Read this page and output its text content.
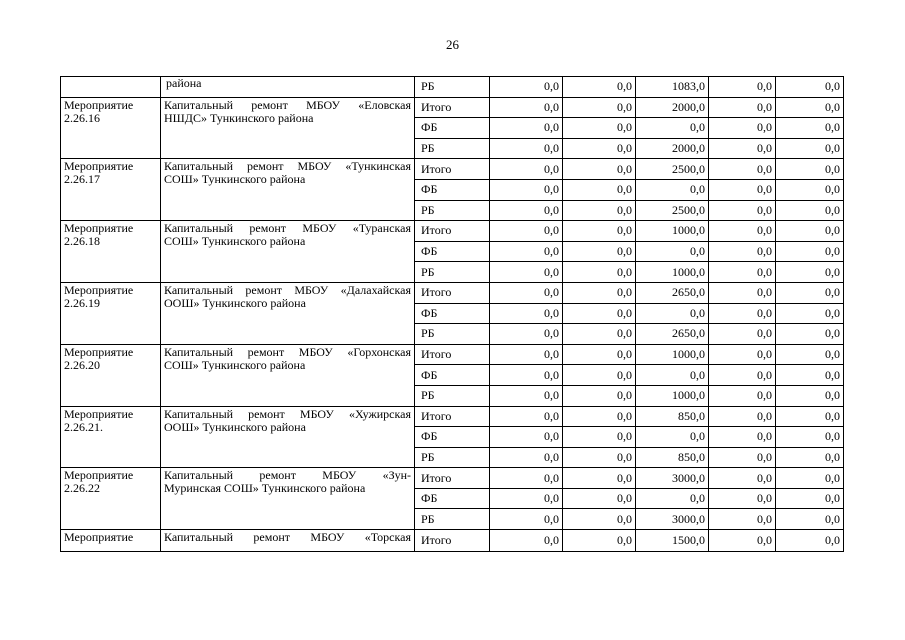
26
	района	РБ	0,0	0,0	1083,0	0,0	0,0
Мероприятие 2.26.16	Капитальный ремонт МБОУ «Еловская
НШДС» Тункинского района	Итого	0,0	0,0	2000,0	0,0	0,0
		ФБ	0,0	0,0	0,0	0,0	0,0
		РБ	0,0	0,0	2000,0	0,0	0,0
Мероприятие 2.26.17	Капитальный ремонт МБОУ «Тункинская
СОШ» Тункинского района	Итого	0,0	0,0	2500,0	0,0	0,0
		ФБ	0,0	0,0	0,0	0,0	0,0
		РБ	0,0	0,0	2500,0	0,0	0,0
Мероприятие 2.26.18	Капитальный ремонт МБОУ «Туранская
СОШ» Тункинского района	Итого	0,0	0,0	1000,0	0,0	0,0
		ФБ	0,0	0,0	0,0	0,0	0,0
		РБ	0,0	0,0	1000,0	0,0	0,0
Мероприятие 2.26.19	Капитальный ремонт МБОУ «Далахайская
ООШ» Тункинского района	Итого	0,0	0,0	2650,0	0,0	0,0
		ФБ	0,0	0,0	0,0	0,0	0,0
		РБ	0,0	0,0	2650,0	0,0	0,0
Мероприятие 2.26.20	Капитальный ремонт МБОУ «Горхонская
СОШ» Тункинского района	Итого	0,0	0,0	1000,0	0,0	0,0
		ФБ	0,0	0,0	0,0	0,0	0,0
		РБ	0,0	0,0	1000,0	0,0	0,0
Мероприятие 2.26.21.	Капитальный ремонт МБОУ «Хужирская
ООШ» Тункинского района	Итого	0,0	0,0	850,0	0,0	0,0
		ФБ	0,0	0,0	0,0	0,0	0,0
		РБ	0,0	0,0	850,0	0,0	0,0
Мероприятие 2.26.22	Капитальный ремонт МБОУ «Зун-
Муринская СОШ» Тункинского района	Итого	0,0	0,0	3000,0	0,0	0,0
		ФБ	0,0	0,0	0,0	0,0	0,0
		РБ	0,0	0,0	3000,0	0,0	0,0
Мероприятие	Капитальный ремонт МБОУ «Торская	Итого	0,0	0,0	1500,0	0,0	0,0
